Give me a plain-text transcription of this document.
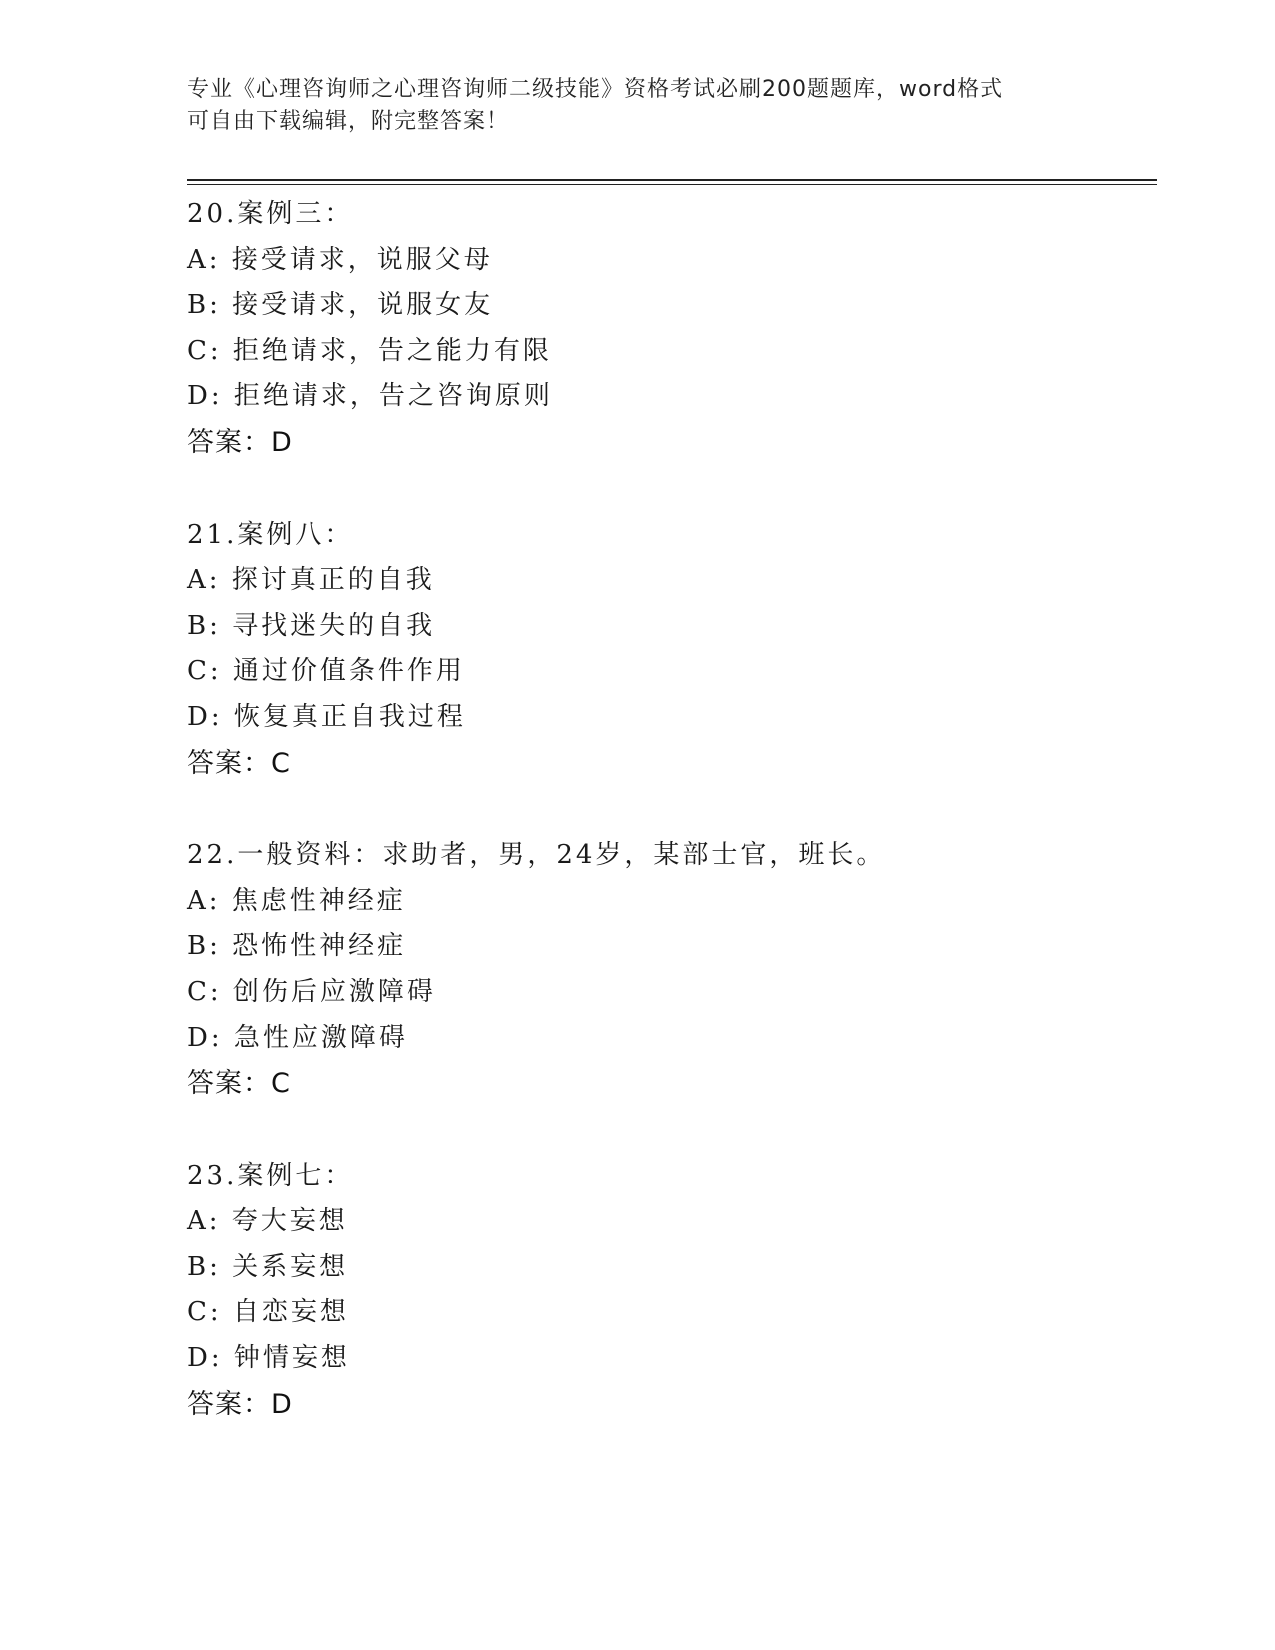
专业《心理咨询师之心理咨询师二级技能》资格考试必刷200题题库，word格式
可自由下载编辑，附完整答案！
20.案例三：
A: 接受请求，说服父母
B: 接受请求，说服女友
C: 拒绝请求，告之能力有限
D: 拒绝请求，告之咨询原则
答案：D
21.案例八：
A: 探讨真正的自我
B: 寻找迷失的自我
C: 通过价值条件作用
D: 恢复真正自我过程
答案：C
22.一般资料：求助者，男，24岁，某部士官，班长。
A: 焦虑性神经症
B: 恐怖性神经症
C: 创伤后应激障碍
D: 急性应激障碍
答案：C
23.案例七：
A: 夸大妄想
B: 关系妄想
C: 自恋妄想
D: 钟情妄想
答案：D
